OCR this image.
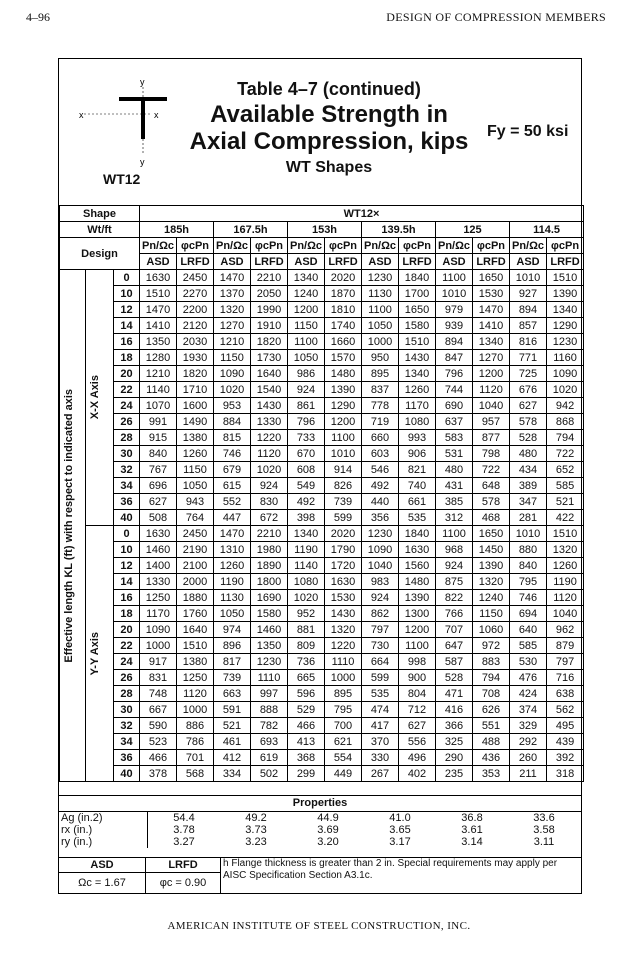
4–96	DESIGN OF COMPRESSION MEMBERS
x	x
y
y
WT12
Table 4–7 (continued)
Available Strength in
Axial Compression, kips
WT Shapes
Fy = 50 ksi
Shape			WT12×											
Wt/ft			185h		167.5h		153h		139.5h		125		114.5	
Design			Pn/Ωc	φcPn	Pn/Ωc	φcPn	Pn/Ωc	φcPn	Pn/Ωc	φcPn	Pn/Ωc	φcPn	Pn/Ωc	φcPn
			ASD	LRFD	ASD	LRFD	ASD	LRFD	ASD	LRFD	ASD	LRFD	ASD	LRFD

Effective length KL (ft) with respect to indicated axis	X-X Axis	0	1630	2450	1470	2210	1340	2020	1230	1840	1100	1650	1010	1510
		10	1510	2270	1370	2050	1240	1870	1130	1700	1010	1530	927	1390
		12	1470	2200	1320	1990	1200	1810	1100	1650	979	1470	894	1340
		14	1410	2120	1270	1910	1150	1740	1050	1580	939	1410	857	1290
		16	1350	2030	1210	1820	1100	1660	1000	1510	894	1340	816	1230
		18	1280	1930	1150	1730	1050	1570	950	1430	847	1270	771	1160
		20	1210	1820	1090	1640	986	1480	895	1340	796	1200	725	1090
		22	1140	1710	1020	1540	924	1390	837	1260	744	1120	676	1020
		24	1070	1600	953	1430	861	1290	778	1170	690	1040	627	942
		26	991	1490	884	1330	796	1200	719	1080	637	957	578	868
		28	915	1380	815	1220	733	1100	660	993	583	877	528	794
		30	840	1260	746	1120	670	1010	603	906	531	798	480	722
		32	767	1150	679	1020	608	914	546	821	480	722	434	652
		34	696	1050	615	924	549	826	492	740	431	648	389	585
		36	627	943	552	830	492	739	440	661	385	578	347	521
		40	508	764	447	672	398	599	356	535	312	468	281	422

	Y-Y Axis	0	1630	2450	1470	2210	1340	2020	1230	1840	1100	1650	1010	1510
		10	1460	2190	1310	1980	1190	1790	1090	1630	968	1450	880	1320
		12	1400	2100	1260	1890	1140	1720	1040	1560	924	1390	840	1260
		14	1330	2000	1190	1800	1080	1630	983	1480	875	1320	795	1190
		16	1250	1880	1130	1690	1020	1530	924	1390	822	1240	746	1120
		18	1170	1760	1050	1580	952	1430	862	1300	766	1150	694	1040
		20	1090	1640	974	1460	881	1320	797	1200	707	1060	640	962
		22	1000	1510	896	1350	809	1220	730	1100	647	972	585	879
		24	917	1380	817	1230	736	1110	664	998	587	883	530	797
		26	831	1250	739	1110	665	1000	599	900	528	794	476	716
		28	748	1120	663	997	596	895	535	804	471	708	424	638
		30	667	1000	591	888	529	795	474	712	416	626	374	562
		32	590	886	521	782	466	700	417	627	366	551	329	495
		34	523	786	461	693	413	621	370	556	325	488	292	439
		36	466	701	412	619	368	554	330	496	290	436	260	392
		40	378	568	334	502	299	449	267	402	235	353	211	318
Properties
Ag (in.2)	54.4	49.2	44.9	41.0	36.8	33.6
rx (in.)	3.78	3.73	3.69	3.65	3.61	3.58
ry (in.)	3.27	3.23	3.20	3.17	3.14	3.11
ASD	LRFD
Ωc = 1.67	φc = 0.90
h Flange thickness is greater than 2 in. Special requirements may apply per AISC Specification Section A3.1c.
AMERICAN INSTITUTE OF STEEL CONSTRUCTION, INC.
